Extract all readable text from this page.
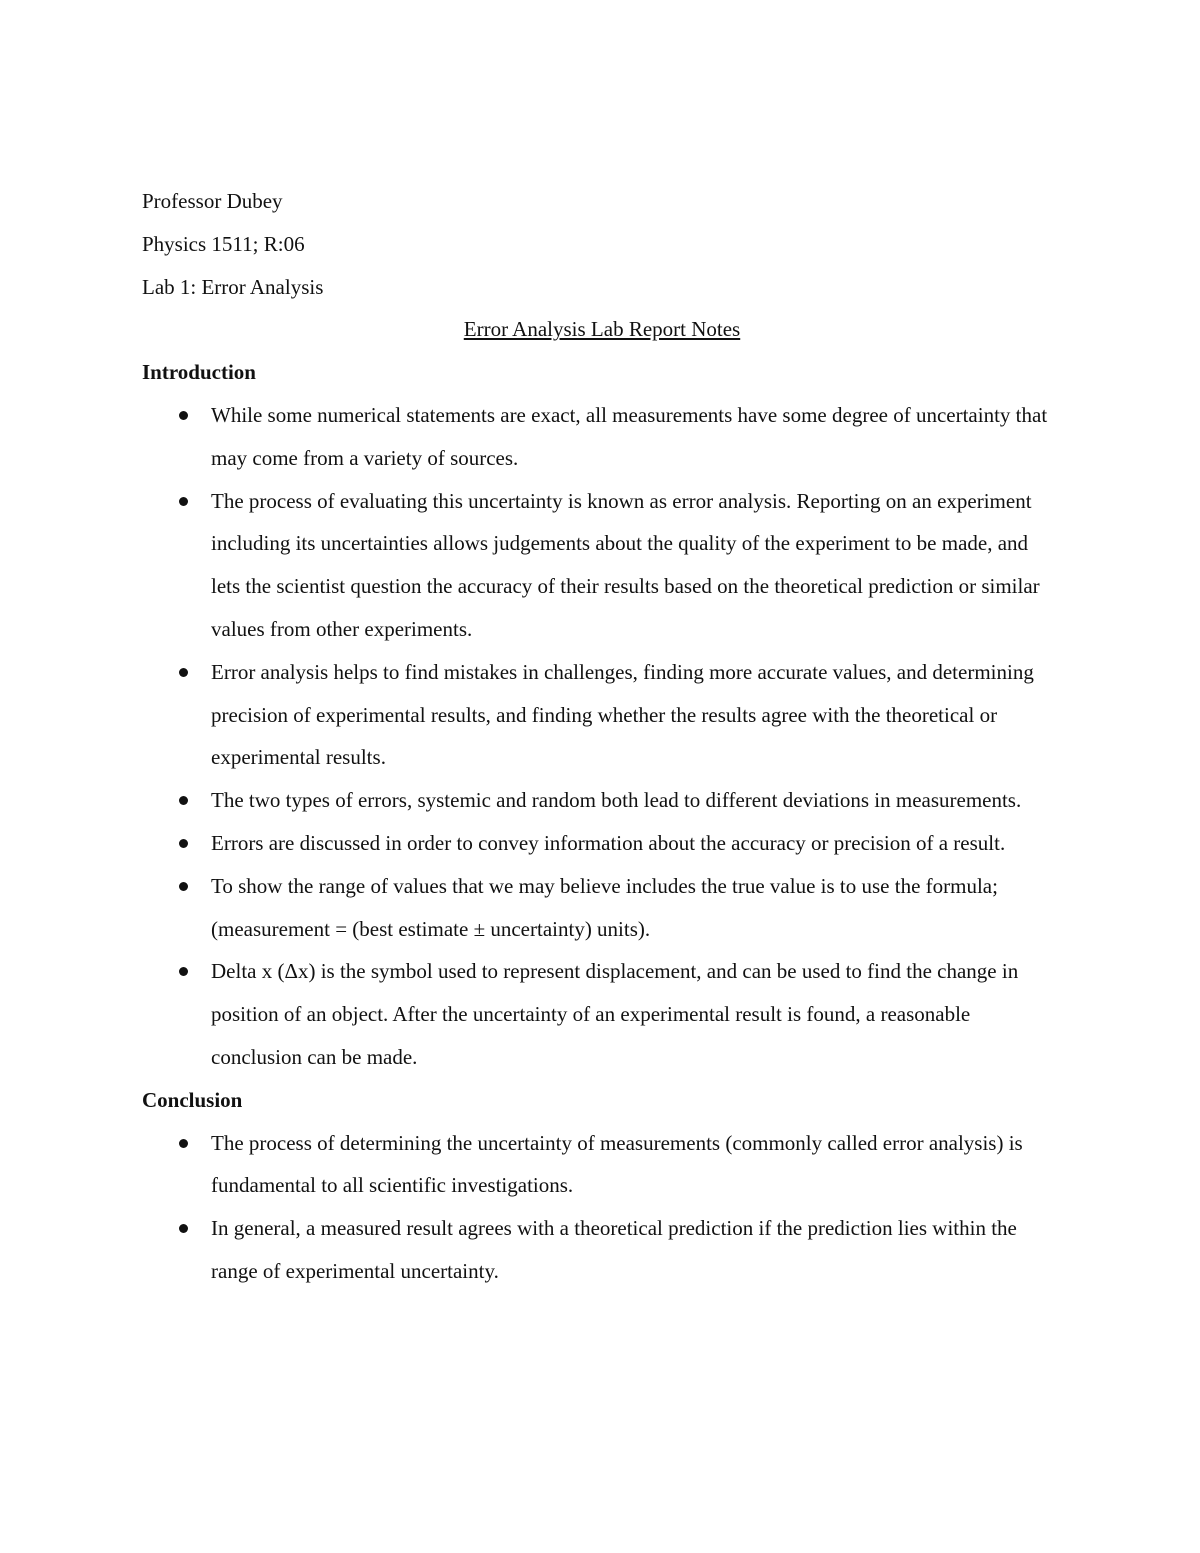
Professor Dubey

Physics 1511; R:06

Lab 1: Error Analysis

Error Analysis Lab Report Notes

Introduction

While some numerical statements are exact, all measurements have some degree of uncertainty that may come from a variety of sources.
The process of evaluating this uncertainty is known as error analysis. Reporting on an experiment including its uncertainties allows judgements about the quality of the experiment to be made, and lets the scientist question the accuracy of their results based on the theoretical prediction or similar values from other experiments.
Error analysis helps to find mistakes in challenges, finding more accurate values, and determining precision of experimental results, and finding whether the results agree with the theoretical or experimental results.
The two types of errors, systemic and random both lead to different deviations in measurements.
Errors are discussed in order to convey information about the accuracy or precision of a result.
To show the range of values that we may believe includes the true value is to use the formula; (measurement = (best estimate ± uncertainty) units).
Delta x (Δx) is the symbol used to represent displacement, and can be used to find the change in position of an object. After the uncertainty of an experimental result is found, a reasonable conclusion can be made.

Conclusion

The process of determining the uncertainty of measurements (commonly called error analysis) is fundamental to all scientific investigations.
In general, a measured result agrees with a theoretical prediction if the prediction lies within the range of experimental uncertainty.
